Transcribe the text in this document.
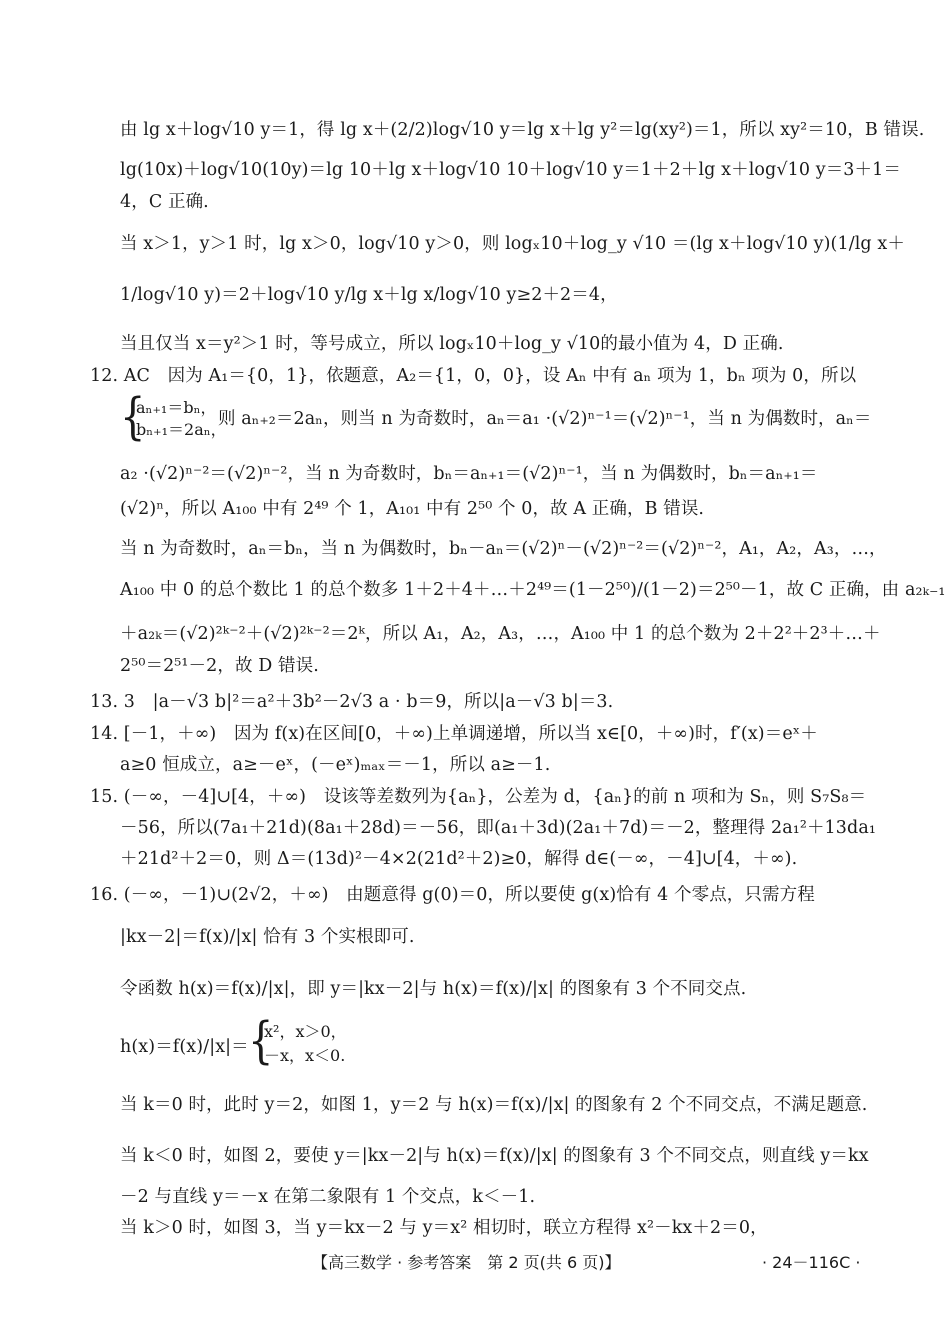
由 lg x＋log√10 y＝1，得 lg x＋(2/2)log√10 y＝lg x＋lg y²＝lg(xy²)＝1，所以 xy²＝10，B 错误.
lg(10x)＋log√10(10y)＝lg 10＋lg x＋log√10 10＋log√10 y＝1＋2＋lg x＋log√10 y＝3＋1＝
4，C 正确.
当 x＞1，y＞1 时，lg x＞0，log√10 y＞0，则 logₓ10＋log_y √10 ＝(lg x＋log√10 y)(1/lg x＋
1/log√10 y)＝2＋log√10 y/lg x＋lg x/log√10 y≥2＋2＝4，
当且仅当 x＝y²＞1 时，等号成立，所以 logₓ10＋log_y √10的最小值为 4，D 正确.
12. AC　因为 A₁＝{0，1}，依题意，A₂＝{1，0，0}，设 Aₙ 中有 aₙ 项为 1，bₙ 项为 0，所以
{
aₙ₊₁＝bₙ，
bₙ₊₁＝2aₙ，
则 aₙ₊₂＝2aₙ，则当 n 为奇数时，aₙ＝a₁ ·(√2)ⁿ⁻¹＝(√2)ⁿ⁻¹，当 n 为偶数时，aₙ＝
a₂ ·(√2)ⁿ⁻²＝(√2)ⁿ⁻²，当 n 为奇数时，bₙ＝aₙ₊₁＝(√2)ⁿ⁻¹，当 n 为偶数时，bₙ＝aₙ₊₁＝
(√2)ⁿ，所以 A₁₀₀ 中有 2⁴⁹ 个 1，A₁₀₁ 中有 2⁵⁰ 个 0，故 A 正确，B 错误.
当 n 为奇数时，aₙ＝bₙ，当 n 为偶数时，bₙ－aₙ＝(√2)ⁿ－(√2)ⁿ⁻²＝(√2)ⁿ⁻²，A₁，A₂，A₃，…，
A₁₀₀ 中 0 的总个数比 1 的总个数多 1＋2＋4＋…＋2⁴⁹＝(1－2⁵⁰)/(1－2)＝2⁵⁰－1，故 C 正确，由 a₂ₖ₋₁
＋a₂ₖ＝(√2)²ᵏ⁻²＋(√2)²ᵏ⁻²＝2ᵏ，所以 A₁，A₂，A₃，…，A₁₀₀ 中 1 的总个数为 2＋2²＋2³＋…＋
2⁵⁰＝2⁵¹－2，故 D 错误.
13. 3　|a－√3 b|²＝a²＋3b²－2√3 a · b＝9，所以|a－√3 b|＝3.
14. [－1，＋∞)　因为 f(x)在区间[0，＋∞)上单调递增，所以当 x∈[0，＋∞)时，f′(x)＝eˣ＋
a≥0 恒成立，a≥－eˣ，(－eˣ)ₘₐₓ＝－1，所以 a≥－1.
15. (－∞，－4]∪[4，＋∞)　设该等差数列为{aₙ}，公差为 d，{aₙ}的前 n 项和为 Sₙ，则 S₇S₈＝
－56，所以(7a₁＋21d)(8a₁＋28d)＝－56，即(a₁＋3d)(2a₁＋7d)＝－2，整理得 2a₁²＋13da₁
＋21d²＋2＝0，则 Δ＝(13d)²－4×2(21d²＋2)≥0，解得 d∈(－∞，－4]∪[4，＋∞).
16. (－∞，－1)∪(2√2，＋∞)　由题意得 g(0)＝0，所以要使 g(x)恰有 4 个零点，只需方程
|kx－2|＝f(x)/|x| 恰有 3 个实根即可.
令函数 h(x)＝f(x)/|x|，即 y＝|kx－2|与 h(x)＝f(x)/|x| 的图象有 3 个不同交点.
h(x)＝f(x)/|x|＝ {
x²，x＞0，
－x，x＜0.
当 k＝0 时，此时 y＝2，如图 1，y＝2 与 h(x)＝f(x)/|x| 的图象有 2 个不同交点，不满足题意.
当 k＜0 时，如图 2，要使 y＝|kx－2|与 h(x)＝f(x)/|x| 的图象有 3 个不同交点，则直线 y＝kx
－2 与直线 y＝－x 在第二象限有 1 个交点，k＜－1.
当 k＞0 时，如图 3，当 y＝kx－2 与 y＝x² 相切时，联立方程得 x²－kx＋2＝0，
【高三数学 · 参考答案　第 2 页(共 6 页)】	· 24－116C ·
